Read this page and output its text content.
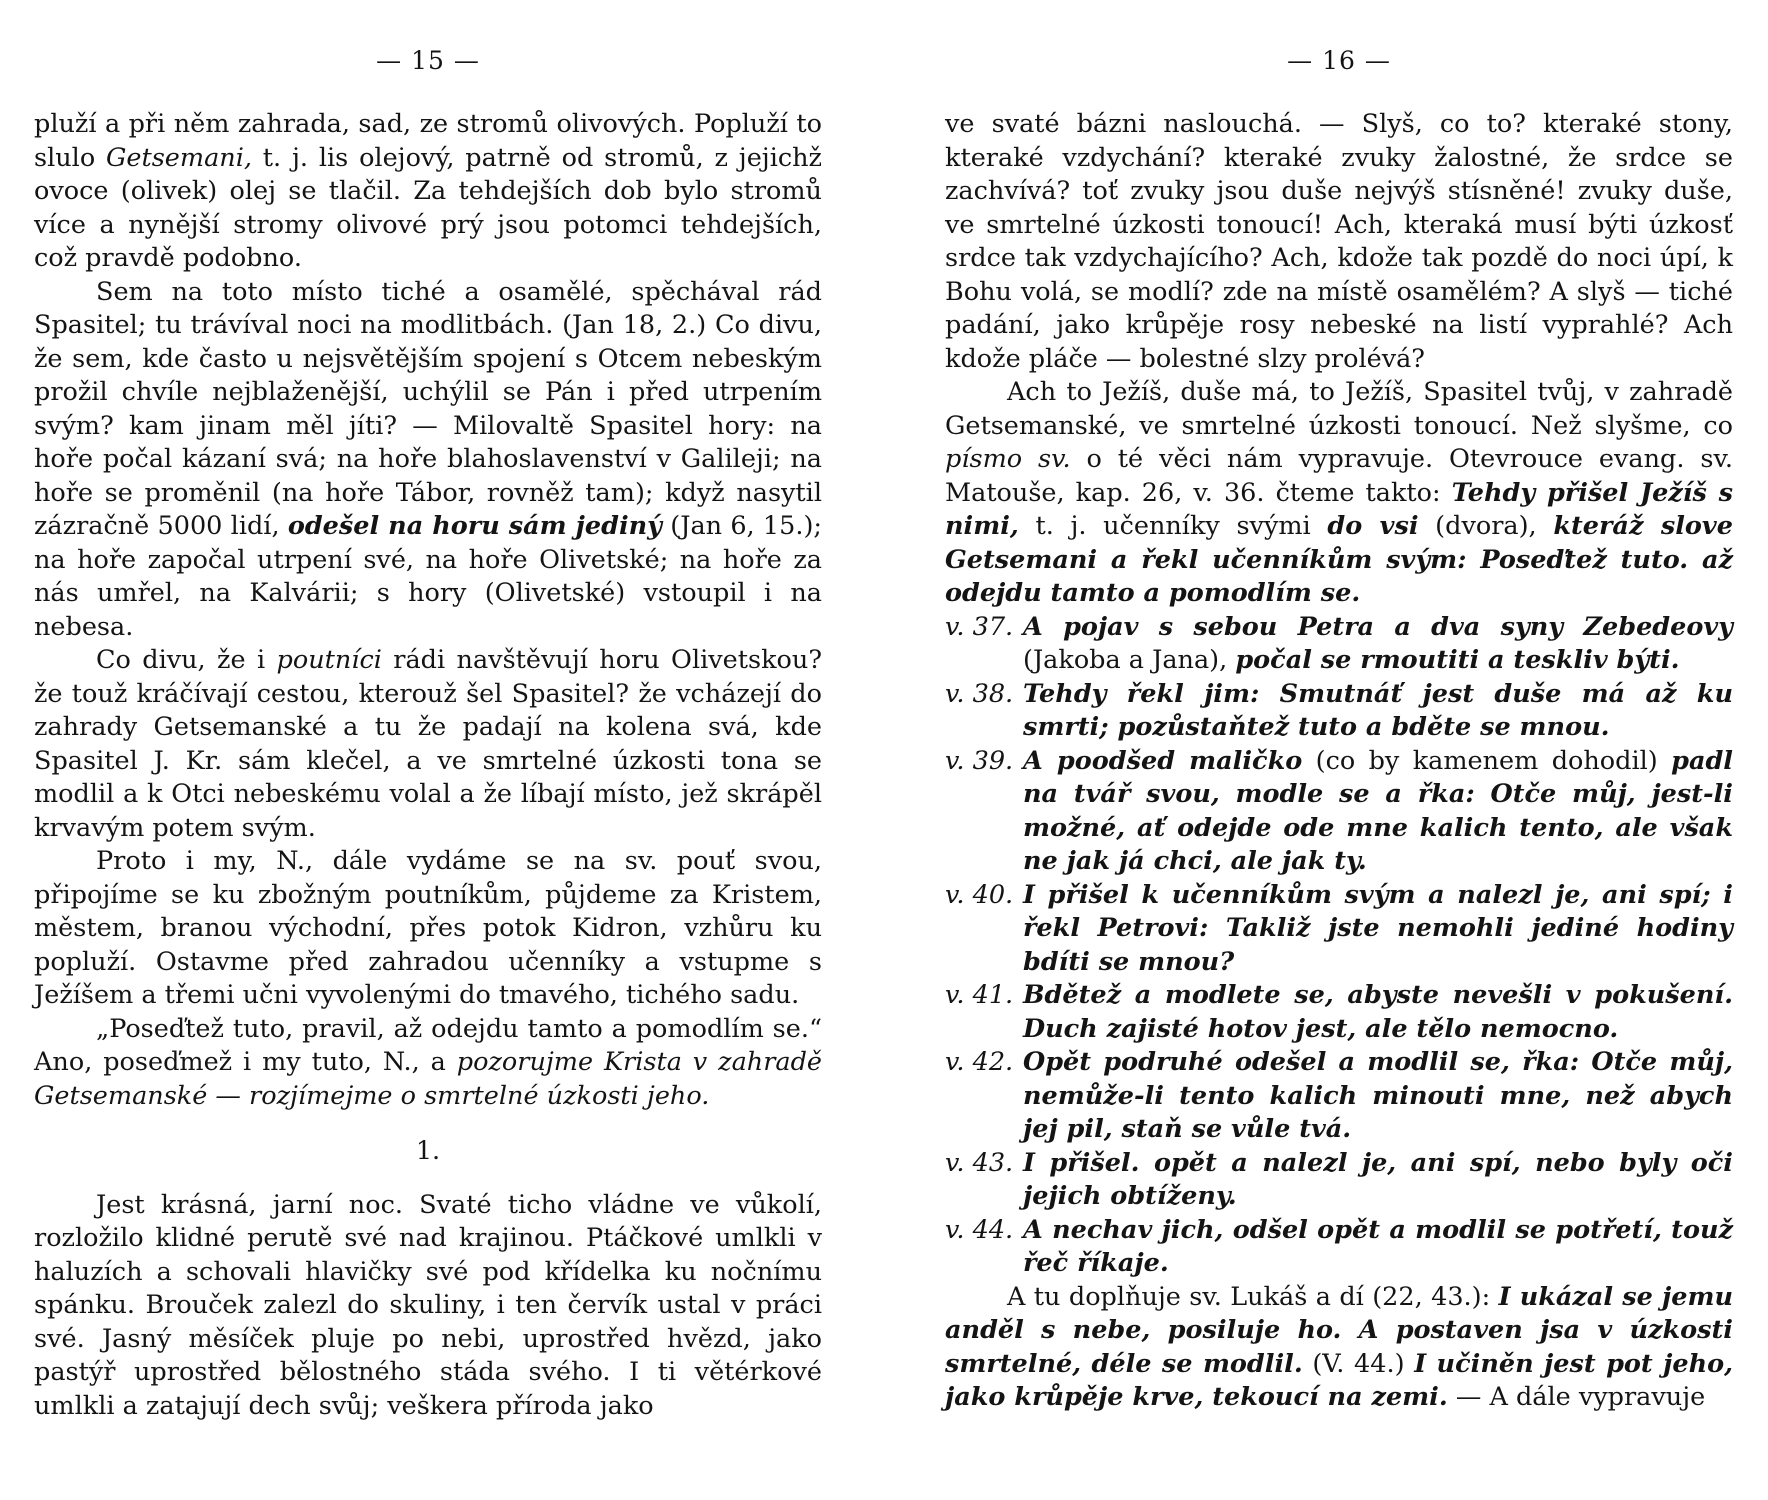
— 15 —

pluží a při něm zahrada, sad, ze stromů olivových. Popluží to slulo Getsemani, t. j. lis olejový, patrně od stromů, z jejichž ovoce (olivek) olej se tlačil. Za tehdejších dob bylo stromů více a nynější stromy olivové prý jsou potomci tehdejších, což pravdě podobno.

Sem na toto místo tiché a osamělé, spěchával rád Spasitel; tu trávíval noci na modlitbách. (Jan 18, 2.) Co divu, že sem, kde často u nejsvětějším spojení s Otcem nebeským prožil chvíle nejblaženější, uchýlil se Pán i před utrpením svým? kam jinam měl jíti? — Milovaltě Spasitel hory: na hoře počal kázaní svá; na hoře blahoslavenství v Galileji; na hoře se proměnil (na hoře Tábor, rovněž tam); když nasytil zázračně 5000 lidí, odešel na horu sám jediný (Jan 6, 15.); na hoře započal utrpení své, na hoře Olivetské; na hoře za nás umřel, na Kalvárii; s hory (Olivetské) vstoupil i na nebesa.

Co divu, že i poutníci rádi navštěvují horu Olivetskou? že touž kráčívají cestou, kterouž šel Spasitel? že vcházejí do zahrady Getsemanské a tu že padají na kolena svá, kde Spasitel J. Kr. sám klečel, a ve smrtelné úzkosti tona se modlil a k Otci nebeskému volal a že líbají místo, jež skrápěl krvavým potem svým.

Proto i my, N., dále vydáme se na sv. pouť svou, připojíme se ku zbožným poutníkům, půjdeme za Kristem, městem, branou východní, přes potok Kidron, vzhůru ku popluží. Ostavme před zahradou učenníky a vstupme s Ježíšem a třemi učni vyvolenými do tmavého, tichého sadu.

„Poseďtež tuto, pravil, až odejdu tamto a pomodlím se.“ Ano, poseďmež i my tuto, N., a pozorujme Krista v zahradě Getsemanské — rozjímejme o smrtelné úzkosti jeho.

1.

Jest krásná, jarní noc. Svaté ticho vládne ve vůkolí, rozložilo klidné perutě své nad krajinou. Ptáčkové umlkli v haluzích a schovali hlavičky své pod křídelka ku nočnímu spánku. Brouček zalezl do skuliny, i ten červík ustal v práci své. Jasný měsíček pluje po nebi, uprostřed hvězd, jako pastýř uprostřed bělostného stáda svého. I ti větérkové umlkli a zatajují dech svůj; veškera příroda jako

— 16 —

ve svaté bázni naslouchá. — Slyš, co to? kteraké stony, kteraké vzdychání? kteraké zvuky žalostné, že srdce se zachvívá? toť zvuky jsou duše nejvýš stísněné! zvuky duše, ve smrtelné úzkosti tonoucí! Ach, kteraká musí býti úzkosť srdce tak vzdychajícího? Ach, kdože tak pozdě do noci úpí, k Bohu volá, se modlí? zde na místě osamělém? A slyš — tiché padání, jako krůpěje rosy nebeské na listí vyprahlé? Ach kdože pláče — bolestné slzy prolévá?

Ach to Ježíš, duše má, to Ježíš, Spasitel tvůj, v zahradě Getsemanské, ve smrtelné úzkosti tonoucí. Než slyšme, co písmo sv. o té věci nám vypravuje. Otevrouce evang. sv. Matouše, kap. 26, v. 36. čteme takto: Tehdy přišel Ježíš s nimi, t. j. učenníky svými do vsi (dvora), kteráž slove Getsemani a řekl učenníkům svým: Poseďtež tuto. až odejdu tamto a pomodlím se.

v. 37. A pojav s sebou Petra a dva syny Zebedeovy (Jakoba a Jana), počal se rmoutiti a teskliv býti.
v. 38. Tehdy řekl jim: Smutnáť jest duše má až ku smrti; pozůstaňtež tuto a bděte se mnou.
v. 39. A poodšed maličko (co by kamenem dohodil) padl na tvář svou, modle se a řka: Otče můj, jest-li možné, ať odejde ode mne kalich tento, ale však ne jak já chci, ale jak ty.
v. 40. I přišel k učenníkům svým a nalezl je, ani spí; i řekl Petrovi: Takliž jste nemohli jediné hodiny bdíti se mnou?
v. 41. Bdětež a modlete se, abyste nevešli v pokušení. Duch zajisté hotov jest, ale tělo nemocno.
v. 42. Opět podruhé odešel a modlil se, řka: Otče můj, nemůže-li tento kalich minouti mne, než abych jej pil, staň se vůle tvá.
v. 43. I přišel. opět a nalezl je, ani spí, nebo byly oči jejich obtíženy.
v. 44. A nechav jich, odšel opět a modlil se potřetí, touž řeč říkaje.

A tu doplňuje sv. Lukáš a dí (22, 43.): I ukázal se jemu anděl s nebe, posiluje ho. A postaven jsa v úzkosti smrtelné, déle se modlil. (V. 44.) I učiněn jest pot jeho, jako krůpěje krve, tekoucí na zemi. — A dále vypravuje
